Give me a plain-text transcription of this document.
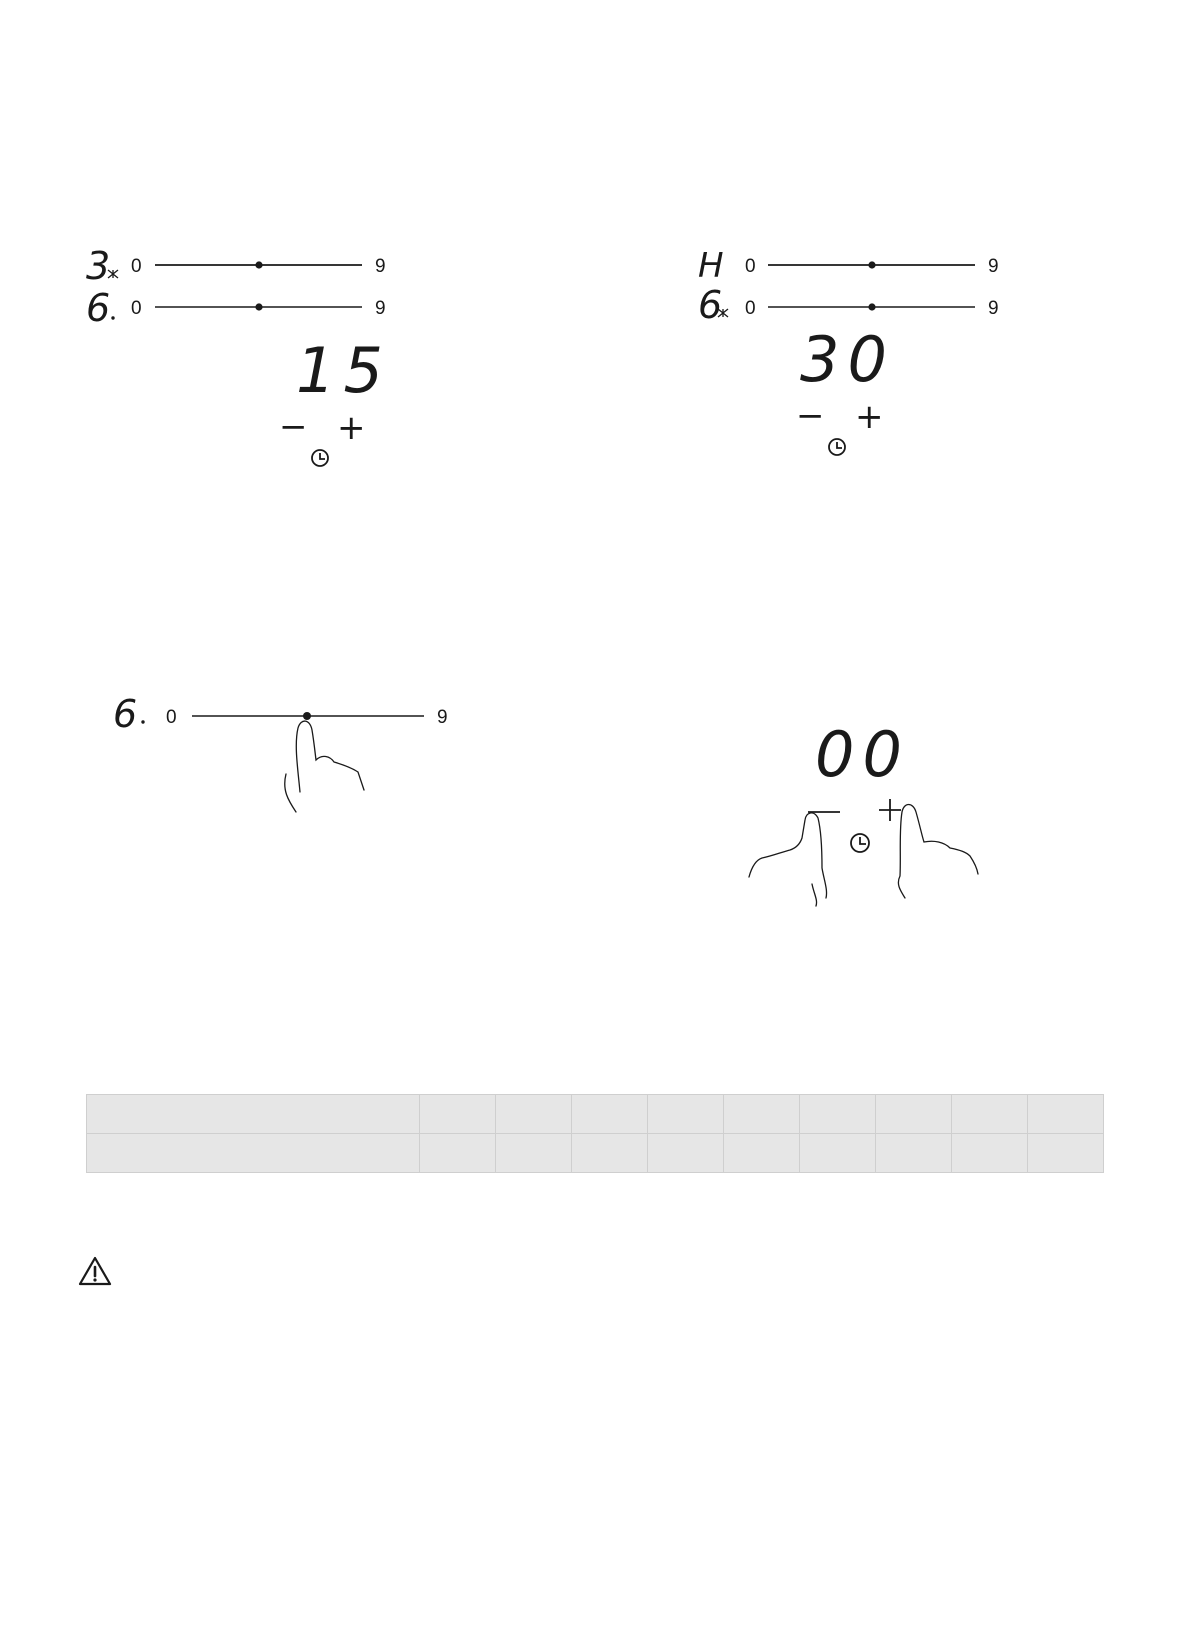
3 0	9
6 0	9
15
− +
H 0	9
6 0	9
30
− +
6 0	9
00
